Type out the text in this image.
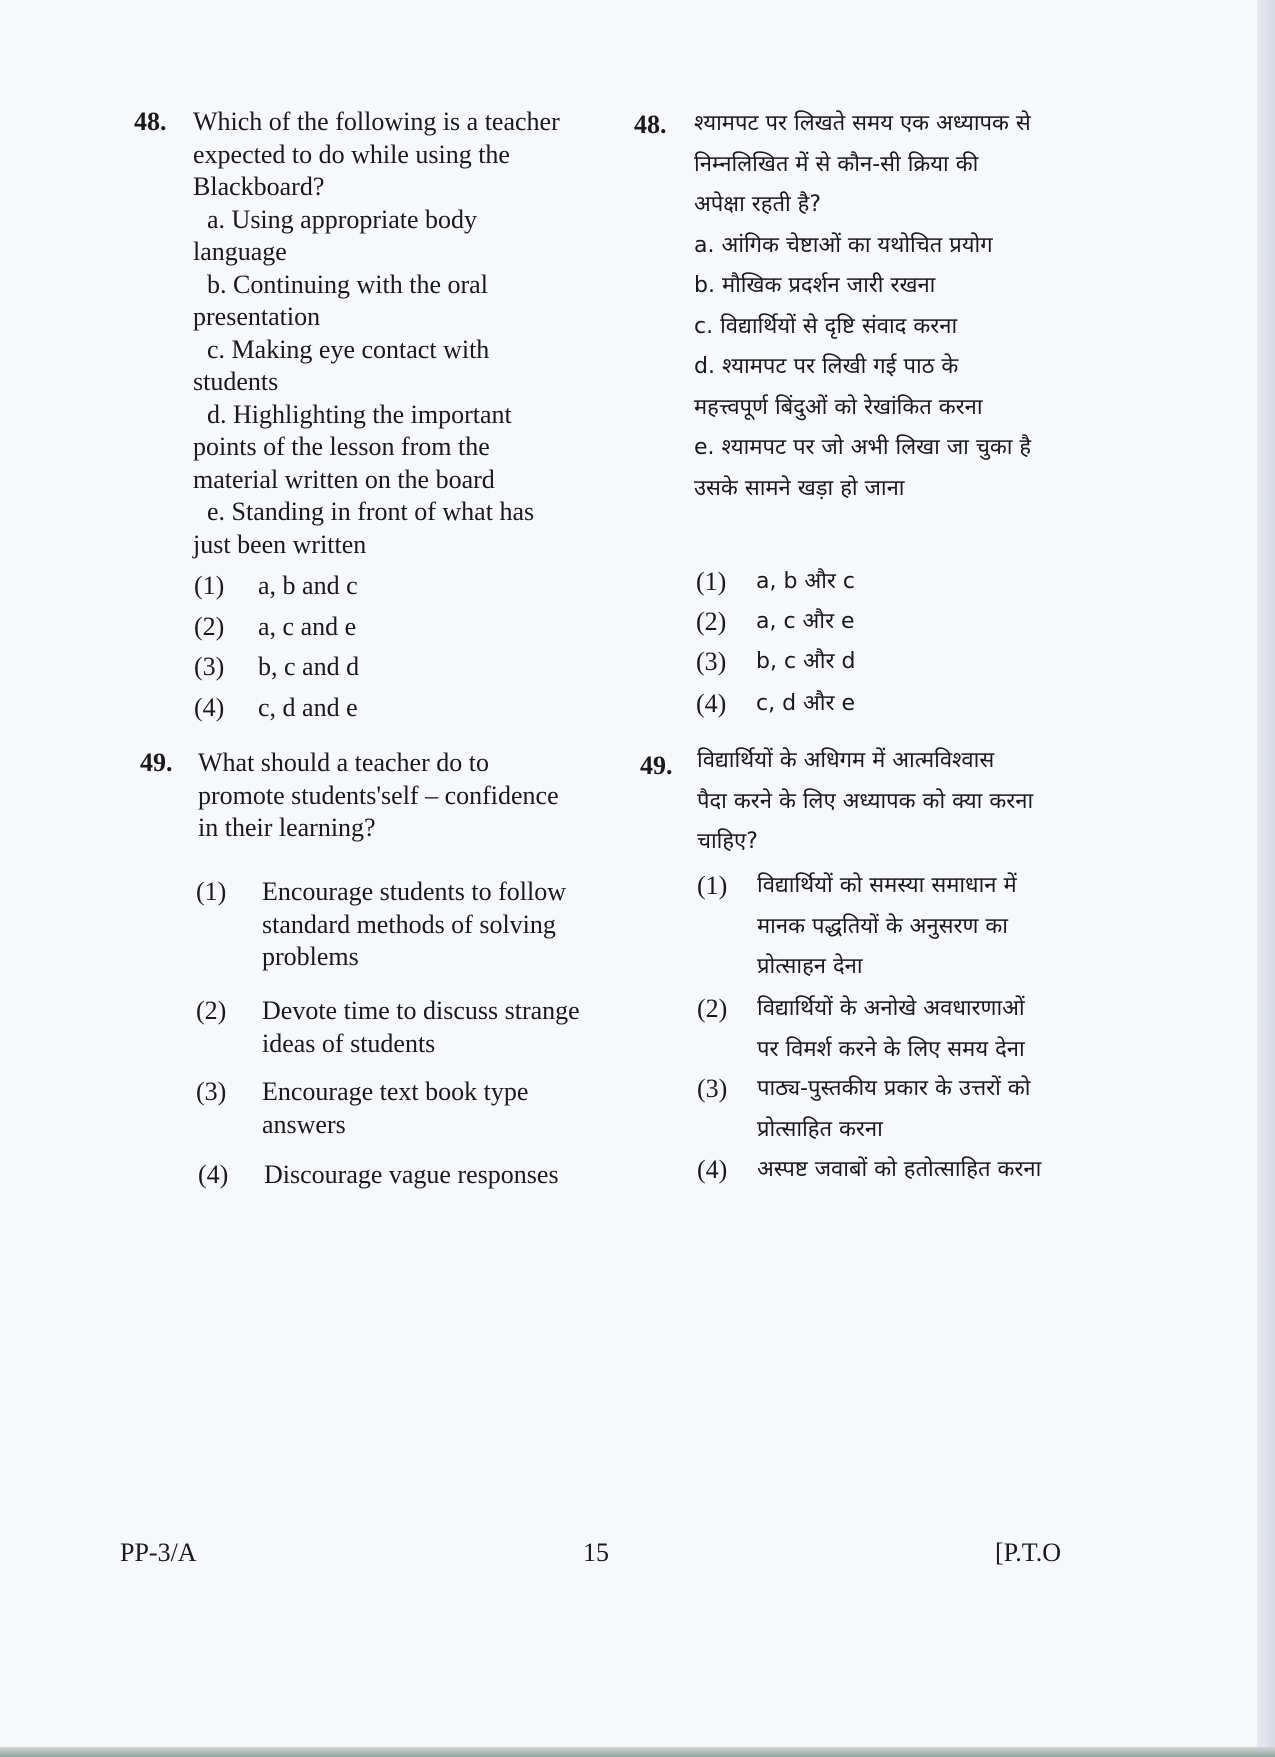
48. Which of the following is a teacher
expected to do while using the
Blackboard?
a. Using appropriate body
language
b. Continuing with the oral
presentation
c. Making eye contact with
students
d. Highlighting the important
points of the lesson from the
material written on the board
e. Standing in front of what has
just been written
(1) a, b and c
(2) a, c and e
(3) b, c and d
(4) c, d and e
48. श्यामपट पर लिखते समय एक अध्यापक से
निम्नलिखित में से कौन-सी क्रिया की
अपेक्षा रहती है?
a. आंगिक चेष्टाओं का यथोचित प्रयोग
b. मौखिक प्रदर्शन जारी रखना
c. विद्यार्थियों से दृष्टि संवाद करना
d. श्यामपट पर लिखी गई पाठ के
महत्त्वपूर्ण बिंदुओं को रेखांकित करना
e. श्यामपट पर जो अभी लिखा जा चुका है
उसके सामने खड़ा हो जाना
(1) a, b और c
(2) a, c और e
(3) b, c और d
(4) c, d और e
49. What should a teacher do to
promote students'self – confidence
in their learning?
(1) Encourage students to follow
standard methods of solving
problems
(2) Devote time to discuss strange
ideas of students
(3) Encourage text book type
answers
(4) Discourage vague responses
49. विद्यार्थियों के अधिगम में आत्मविश्वास
पैदा करने के लिए अध्यापक को क्या करना
चाहिए?
(1) विद्यार्थियों को समस्या समाधान में
मानक पद्धतियों के अनुसरण का
प्रोत्साहन देना
(2) विद्यार्थियों के अनोखे अवधारणाओं
पर विमर्श करने के लिए समय देना
(3) पाठ्य-पुस्तकीय प्रकार के उत्तरों को
प्रोत्साहित करना
(4) अस्पष्ट जवाबों को हतोत्साहित करना
PP-3/A	15	[P.T.O
